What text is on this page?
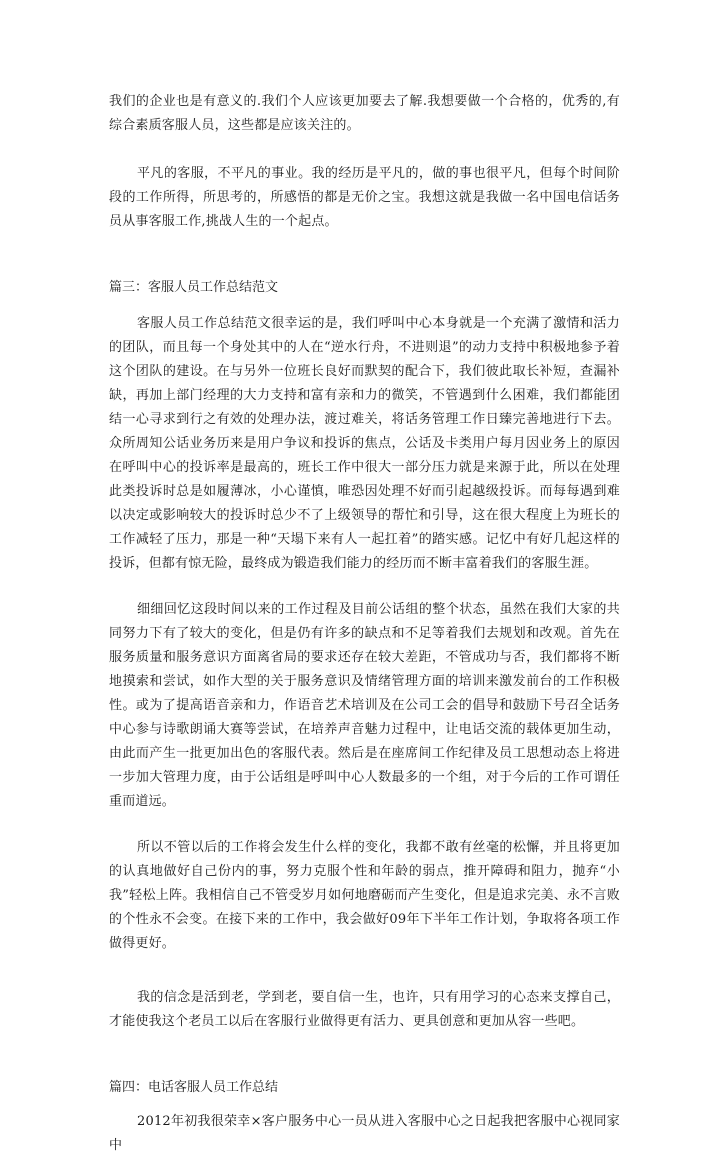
我们的企业也是有意义的.我们个人应该更加要去了解.我想要做一个合格的，优秀的,有综合素质客服人员，这些都是应该关注的。

平凡的客服，不平凡的事业。我的经历是平凡的，做的事也很平凡，但每个时间阶段的工作所得，所思考的，所感悟的都是无价之宝。我想这就是我做一名中国电信话务员从事客服工作,挑战人生的一个起点。

篇三：客服人员工作总结范文

客服人员工作总结范文很幸运的是，我们呼叫中心本身就是一个充满了激情和活力的团队，而且每一个身处其中的人在“逆水行舟，不进则退”的动力支持中积极地参予着这个团队的建设。在与另外一位班长良好而默契的配合下，我们彼此取长补短，查漏补缺，再加上部门经理的大力支持和富有亲和力的微笑，不管遇到什么困难，我们都能团结一心寻求到行之有效的处理办法，渡过难关，将话务管理工作日臻完善地进行下去。众所周知公话业务历来是用户争议和投诉的焦点，公话及卡类用户每月因业务上的原因在呼叫中心的投诉率是最高的，班长工作中很大一部分压力就是来源于此，所以在处理此类投诉时总是如履薄冰，小心谨慎，唯恐因处理不好而引起越级投诉。而每每遇到难以决定或影响较大的投诉时总少不了上级领导的帮忙和引导，这在很大程度上为班长的工作减轻了压力，那是一种“天塌下来有人一起扛着”的踏实感。记忆中有好几起这样的投诉，但都有惊无险，最终成为锻造我们能力的经历而不断丰富着我们的客服生涯。

细细回忆这段时间以来的工作过程及目前公话组的整个状态，虽然在我们大家的共同努力下有了较大的变化，但是仍有许多的缺点和不足等着我们去规划和改观。首先在服务质量和服务意识方面离省局的要求还存在较大差距，不管成功与否，我们都将不断地摸索和尝试，如作大型的关于服务意识及情绪管理方面的培训来激发前台的工作积极性。或为了提高语音亲和力，作语音艺术培训及在公司工会的倡导和鼓励下号召全话务中心参与诗歌朗诵大赛等尝试，在培养声音魅力过程中，让电话交流的载体更加生动，由此而产生一批更加出色的客服代表。然后是在座席间工作纪律及员工思想动态上将进一步加大管理力度，由于公话组是呼叫中心人数最多的一个组，对于今后的工作可谓任重而道远。

所以不管以后的工作将会发生什么样的变化，我都不敢有丝毫的松懈，并且将更加的认真地做好自己份内的事，努力克服个性和年龄的弱点，推开障碍和阻力，抛弃“小我”轻松上阵。我相信自己不管受岁月如何地磨砺而产生变化，但是追求完美、永不言败的个性永不会变。在接下来的工作中，我会做好09年下半年工作计划，争取将各项工作做得更好。

我的信念是活到老，学到老，要自信一生，也许，只有用学习的心态来支撑自己，才能使我这个老员工以后在客服行业做得更有活力、更具创意和更加从容一些吧。

篇四：电话客服人员工作总结

2012年初我很荣幸×客户服务中心一员从进入客服中心之日起我把客服中心视同家中
